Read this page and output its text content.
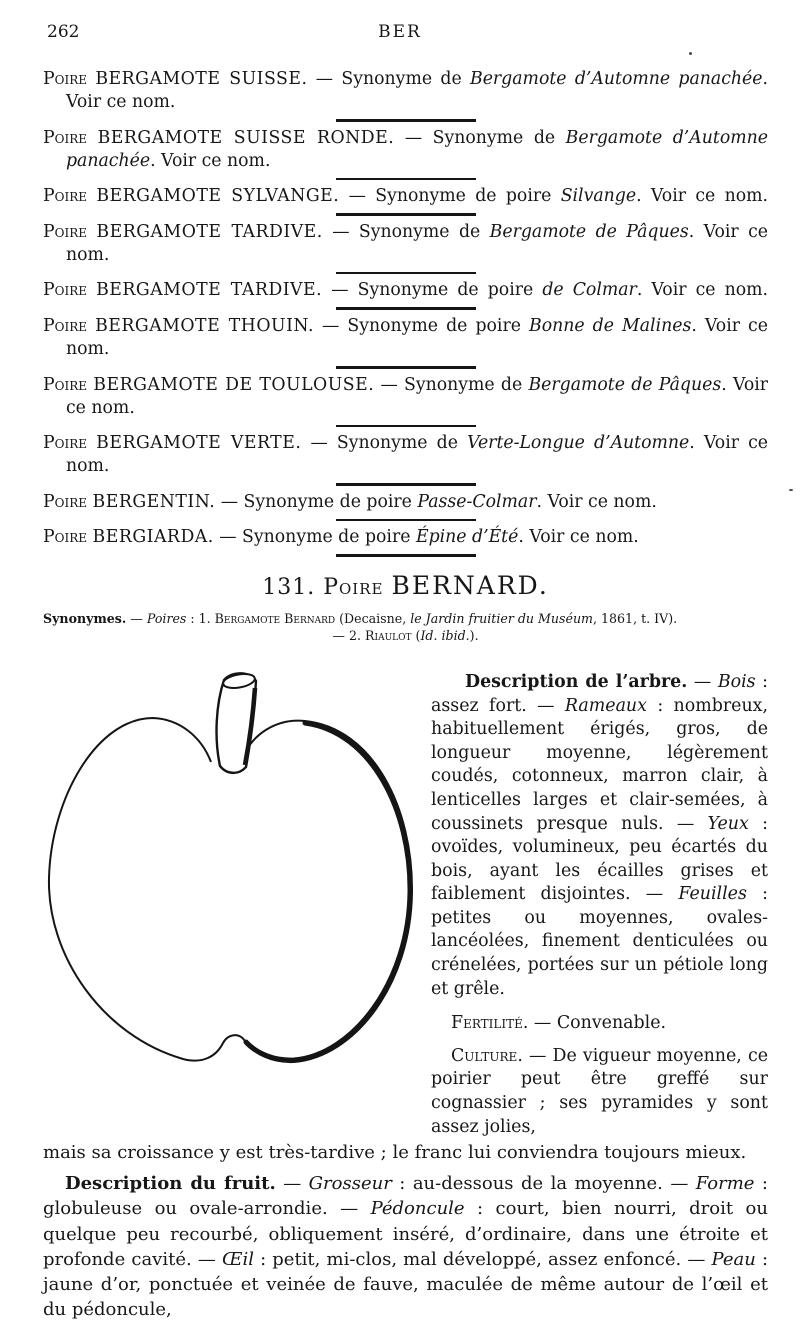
262	BER

Poire BERGAMOTE SUISSE. — Synonyme de Bergamote d’Automne panachée. Voir ce nom.

Poire BERGAMOTE SUISSE RONDE. — Synonyme de Bergamote d’Automne panachée. Voir ce nom.

Poire BERGAMOTE SYLVANGE. — Synonyme de poire Silvange. Voir ce nom.

Poire BERGAMOTE TARDIVE. — Synonyme de Bergamote de Pâques. Voir ce nom.

Poire BERGAMOTE TARDIVE. — Synonyme de poire de Colmar. Voir ce nom.

Poire BERGAMOTE THOUIN. — Synonyme de poire Bonne de Malines. Voir ce nom.

Poire BERGAMOTE DE TOULOUSE. — Synonyme de Bergamote de Pâques. Voir ce nom.

Poire BERGAMOTE VERTE. — Synonyme de Verte-Longue d’Automne. Voir ce nom.

Poire BERGENTIN. — Synonyme de poire Passe-Colmar. Voir ce nom.

Poire BERGIARDA. — Synonyme de poire Épine d’Été. Voir ce nom.

131. Poire BERNARD.

Synonymes. — Poires : 1. Bergamote Bernard (Decaisne, le Jardin fruitier du Muséum, 1861, t. IV).

— 2. Riaulot (Id. ibid.).

Description de l’arbre. — Bois : assez fort. — Rameaux : nombreux, habituellement érigés, gros, de longueur moyenne, légèrement coudés, cotonneux, marron clair, à lenticelles larges et clair-semées, à coussinets presque nuls. — Yeux : ovoïdes, volumineux, peu écartés du bois, ayant les écailles grises et faiblement disjointes. — Feuilles : petites ou moyennes, ovales-lancéolées, finement denticulées ou crénelées, portées sur un pétiole long et grêle.

Fertilité. — Convenable.

Culture. — De vigueur moyenne, ce poirier peut être greffé sur cognassier ; ses pyramides y sont assez jolies,

mais sa croissance y est très-tardive ; le franc lui conviendra toujours mieux.

Description du fruit. — Grosseur : au-dessous de la moyenne. — Forme : globuleuse ou ovale-arrondie. — Pédoncule : court, bien nourri, droit ou quelque peu recourbé, obliquement inséré, d’ordinaire, dans une étroite et profonde cavité. — Œil : petit, mi-clos, mal développé, assez enfoncé. — Peau : jaune d’or, ponctuée et veinée de fauve, maculée de même autour de l’œil et du pédoncule,
